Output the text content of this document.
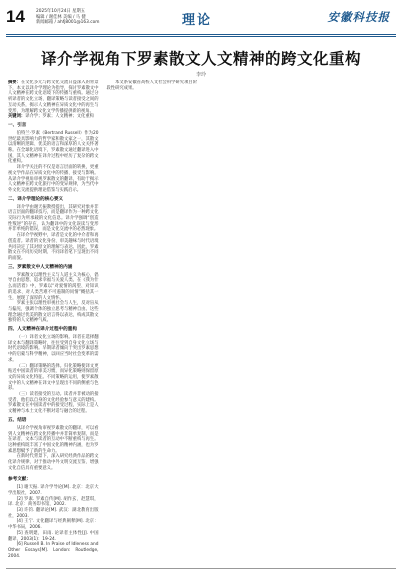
14	2025年10月24日 星期五
编辑 / 谢佳林 美编 / 马 健
新闻邮箱 / ahfj8001@163.com	理论	安徽科技报
译介学视角下罗素散文人文精神的跨文化重构
李玲

摘要：在文化多元与跨文化交流日益深入的背景下，本文以译介学理论为指导，探讨罗素散文中人文精神在跨文化语境下的传播与重构。通过分析译者的文化立场、翻译策略与读者接受之间的互动关系，揭示人文精神在异质文化中的再生与变形，为理解跨文化文学传播提供新的视角。

关键词：译介学；罗素；人文精神；文化重构

一、引言

伯特兰·罗素（Bertrand Russell）作为20世纪最具影响力的哲学家和散文家之一，其散文以清晰的逻辑、优美的语言和深厚的人文关怀著称。在全球化语境下，罗素散文通过翻译进入中国，其人文精神在译介过程中经历了复杂的跨文化重构。

译介学关注的不仅是语言层面的转换，更重视文学作品在异质文化中的传播、接受与影响。从译介学视角审视罗素散文的翻译，有助于揭示人文精神在跨文化旅行中的变异规律，为当代中外文化交流提供理论借鉴与实践启示。

二、译介学理论的核心要义

译介学由谢天振教授提出，其研究对象并非语言层面的翻译技巧，而是翻译作为一种跨文化交际行为所承载的文化信息。译介学强调“创造性叛逆”的存在，认为翻译中的文化误读与变形并非单纯的错误，而是文化交流中的必然现象。

在译介学视野中，译者是文化的中介者和再创造者。译者的文化身份、审美趣味与时代语境共同决定了其对原文的理解与表达。因此，罗素散文在不同历史时期、不同译者笔下呈现出不同的面貌。

三、罗素散文中人文精神的内涵

罗素散文以理性主义与人道主义为核心，倡导自由思想、追求幸福与关爱人类。在《我为什么而活着》中，罗素以“对爱情的渴望、对知识的追求、对人类苦难不可遏制的同情”概括其一生，展现了深厚的人文情怀。

罗素主张以理性审视社会与人生，反对盲从与偏见，强调个体的独立思考与精神自由。这些理念通过优美的散文语言得以表达，构成其散文独特的人文精神气质。

四、人文精神在译介过程中的重构

（一）译者文化立场的影响。译者在选择翻译文本与翻译策略时，往往受到自身文化立场与时代语境的影响。早期译者倾向于突出罗素思想中的启蒙与科学精神，以回应当时社会变革的需求。

（二）翻译策略的选择。归化策略使译文更贴近中国读者的审美习惯，而异化策略则保留原文的异质文化特征。不同策略的运用，使罗素散文中的人文精神在译文中呈现出不同的侧重与色彩。

（三）读者接受的互动。读者并非被动的接受者，他们以自身的文化经验参与意义的建构。罗素散文在中国读者中的接受过程，实际上是人文精神与本土文化不断对话与融合的过程。

五、结语

从译介学视角审视罗素散文的翻译，可以看到人文精神在跨文化传播中并非简单复制，而是在译者、文本与读者的互动中不断重构与再生。这种重构既丰富了中国文化的精神内涵，也为罗素思想赋予了新的生命力。

在新时代背景下，深入研究经典作品的跨文化译介规律，对于推动中外文明交流互鉴、增强文化自信具有重要意义。

参考文献：

[1] 谢天振. 译介学导论[M]. 北京：北京大学出版社，2007.

[2] 罗素. 罗素自传[M]. 胡作玄，赵慧琪，译. 北京：商务印书馆，2002.

[3] 许钧. 翻译论[M]. 武汉：湖北教育出版社，2003.

[4] 王宁. 文化翻译与经典阐释[M]. 北京：中华书局，2006.

[5] 查明建，田雨. 论译者主体性[J]. 中国翻译，2003(1)：19-24.

[6] Russell B. In Praise of Idleness and Other Essays[M]. London: Routledge, 2004.

本文系安徽省高校人文社会科学研究项目阶段性研究成果。
